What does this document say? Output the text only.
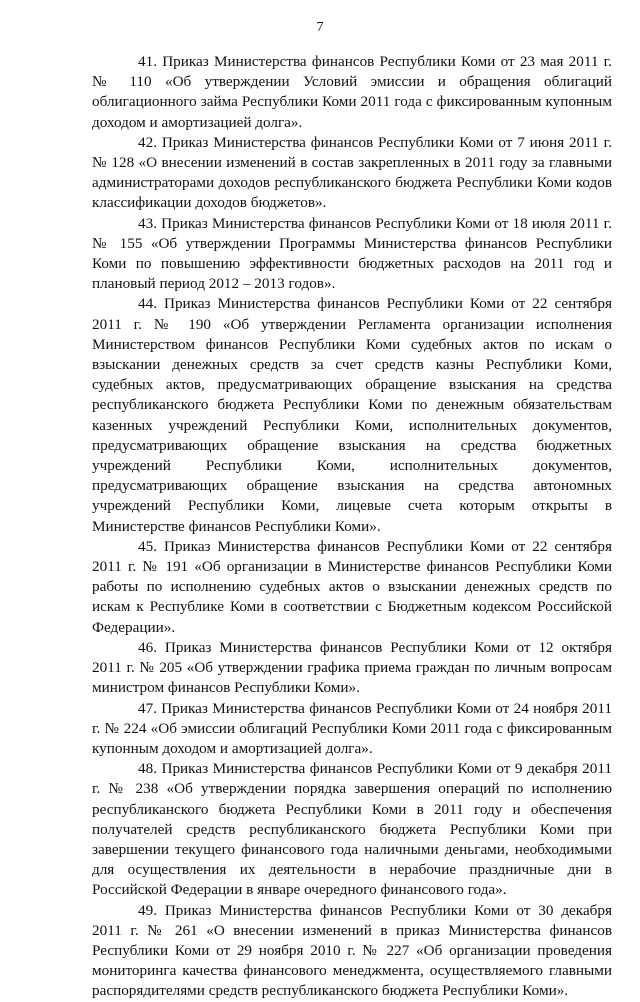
7

41. Приказ Министерства финансов Республики Коми от 23 мая 2011 г. № 110 «Об утверждении Условий эмиссии и обращения облигаций облигационного займа Республики Коми 2011 года с фиксированным купонным доходом и амортизацией долга».

42. Приказ Министерства финансов Республики Коми от 7 июня 2011 г. № 128 «О внесении изменений в состав закрепленных в 2011 году за главными администраторами доходов республиканского бюджета Республики Коми кодов классификации доходов бюджетов».

43. Приказ Министерства финансов Республики Коми от 18 июля 2011 г. № 155 «Об утверждении Программы Министерства финансов Республики Коми по повышению эффективности бюджетных расходов на 2011 год и плановый период 2012 – 2013 годов».

44. Приказ Министерства финансов Республики Коми от 22 сентября 2011 г. № 190 «Об утверждении Регламента организации исполнения Министерством финансов Республики Коми судебных актов по искам о взыскании денежных средств за счет средств казны Республики Коми, судебных актов, предусматривающих обращение взыскания на средства республиканского бюджета Республики Коми по денежным обязательствам казенных учреждений Республики Коми, исполнительных документов, предусматривающих обращение взыскания на средства бюджетных учреждений Республики Коми, исполнительных документов, предусматривающих обращение взыскания на средства автономных учреждений Республики Коми, лицевые счета которым открыты в Министерстве финансов Республики Коми».

45. Приказ Министерства финансов Республики Коми от 22 сентября 2011 г. № 191 «Об организации в Министерстве финансов Республики Коми работы по исполнению судебных актов о взыскании денежных средств по искам к Республике Коми в соответствии с Бюджетным кодексом Российской Федерации».

46. Приказ Министерства финансов Республики Коми от 12 октября 2011 г. № 205 «Об утверждении графика приема граждан по личным вопросам министром финансов Республики Коми».

47. Приказ Министерства финансов Республики Коми от 24 ноября 2011 г. № 224 «Об эмиссии облигаций Республики Коми 2011 года с фиксированным купонным доходом и амортизацией долга».

48. Приказ Министерства финансов Республики Коми от 9 декабря 2011 г. № 238 «Об утверждении порядка завершения операций по исполнению республиканского бюджета Республики Коми в 2011 году и обеспечения получателей средств республиканского бюджета Республики Коми при завершении текущего финансового года наличными деньгами, необходимыми для осуществления их деятельности в нерабочие праздничные дни в Российской Федерации в январе очередного финансового года».

49. Приказ Министерства финансов Республики Коми от 30 декабря 2011 г. № 261 «О внесении изменений в приказ Министерства финансов Республики Коми от 29 ноября 2010 г. № 227 «Об организации проведения мониторинга качества финансового менеджмента, осуществляемого главными распорядителями средств республиканского бюджета Республики Коми».
